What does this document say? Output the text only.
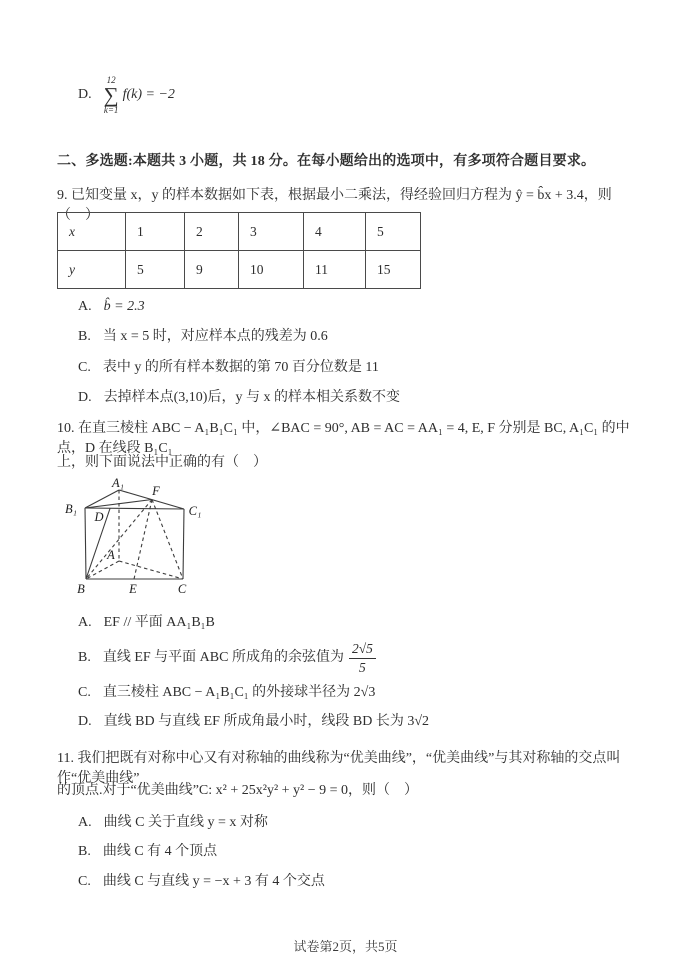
D.
12
∑
k=1
f(k) = −2
二、多选题:本题共 3 小题，共 18 分。在每小题给出的选项中，有多项符合题目要求。
9. 已知变量 x，y 的样本数据如下表，根据最小二乘法，得经验回归方程为 ŷ = b̂x + 3.4，则（　）
x	1	2	3	4	5
y	5	9	10	11	15
A. b̂ = 2.3
B. 当 x = 5 时，对应样本点的残差为 0.6
C. 表中 y 的所有样本数据的第 70 百分位数是 11
D. 去掉样本点(3,10)后，y 与 x 的样本相关系数不变
10. 在直三棱柱 ABC − A₁B₁C₁ 中，∠BAC = 90°, AB = AC = AA₁ = 4, E, F 分别是 BC, A₁C₁ 的中点，D 在线段 B₁C₁
上，则下面说法中正确的有（　）
A₁
F
B₁	C₁
D
A
B	E	C
A. EF // 平面 AA₁B₁B
B. 直线 EF 与平面 ABC 所成角的余弦值为 $\frac{2√5}{5}$
C. 直三棱柱 ABC − A₁B₁C₁ 的外接球半径为 2√3
D. 直线 BD 与直线 EF 所成角最小时，线段 BD 长为 3√2
11. 我们把既有对称中心又有对称轴的曲线称为“优美曲线”，“优美曲线”与其对称轴的交点叫作“优美曲线”
的顶点.对于“优美曲线”C: x² + 25x²y² + y² − 9 = 0，则（　）
A. 曲线 C 关于直线 y = x 对称
B. 曲线 C 有 4 个顶点
C. 曲线 C 与直线 y = −x + 3 有 4 个交点
试卷第2页，共5页
